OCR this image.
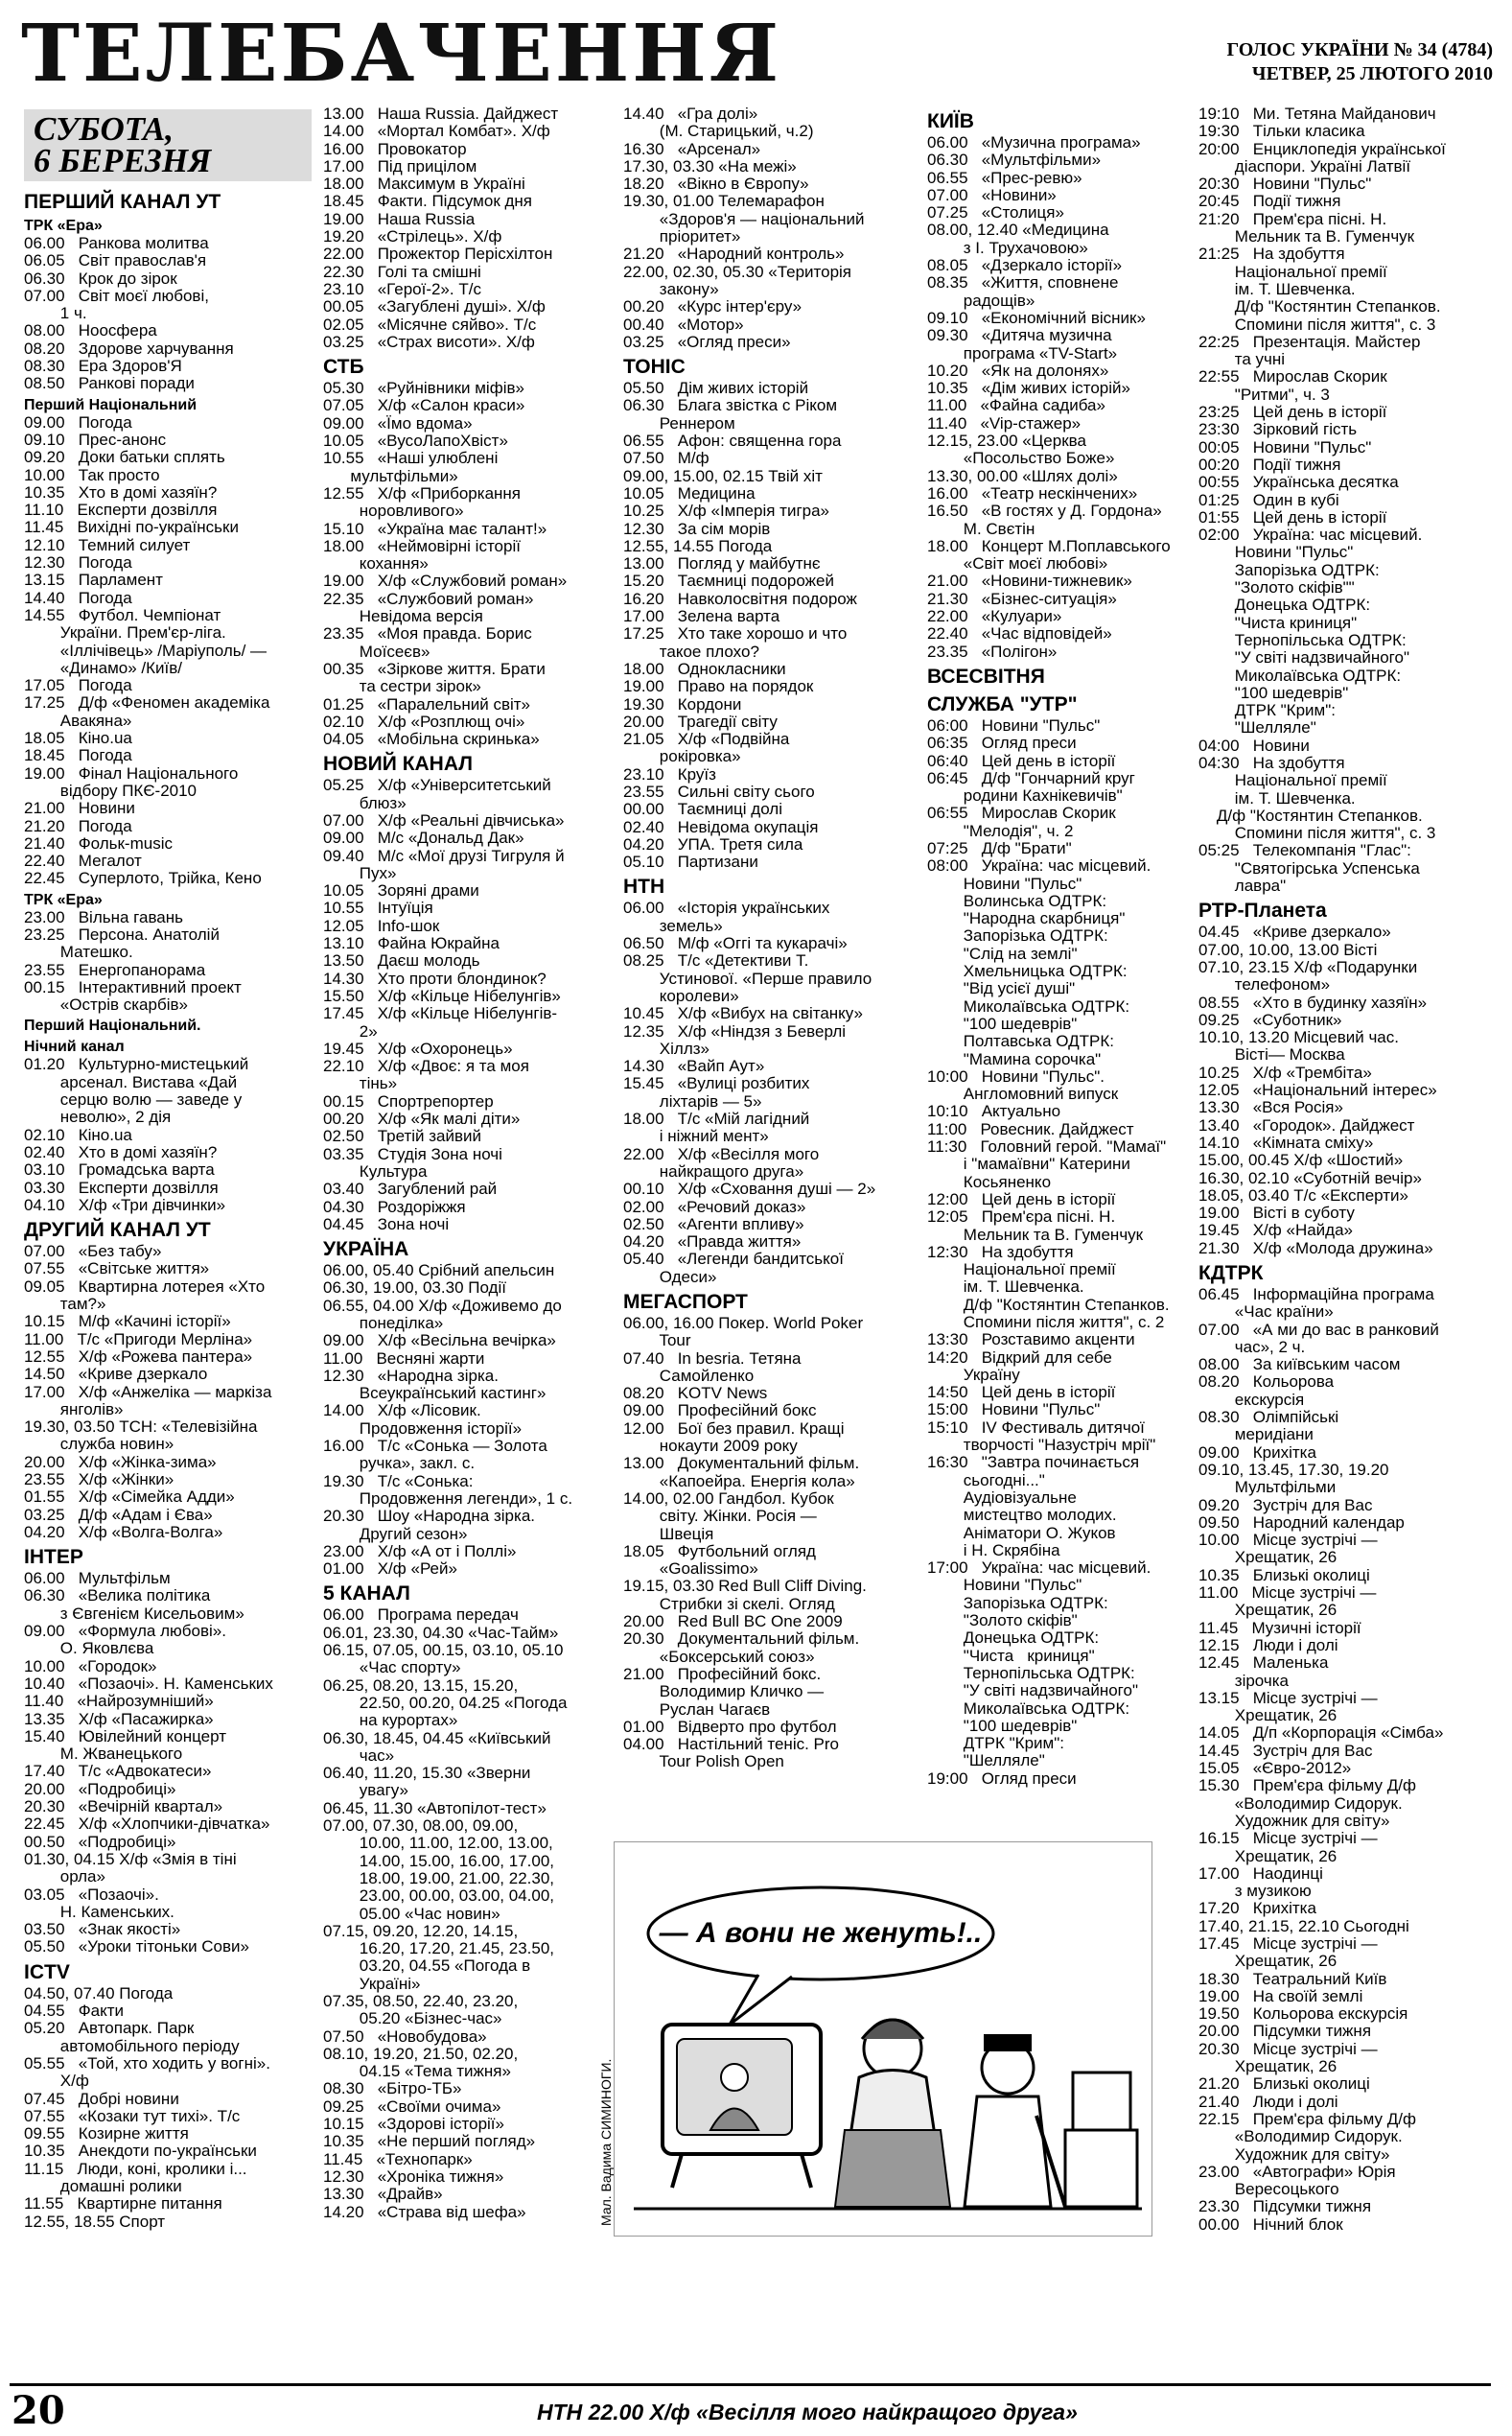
ТЕЛЕБАЧЕННЯ	ГОЛОС УКРАЇНИ № 34 (4784)
ЧЕТВЕР, 25 ЛЮТОГО 2010
СУБОТА,
6 БЕРЕЗНЯ
ПЕРШИЙ КАНАЛ УТ
ТРК «Ера»
06.00   Ранкова молитва
06.05   Світ православ'я
06.30   Крок до зірок
07.00   Світ моєї любові,
1 ч.
08.00   Ноосфера
08.20   Здорове харчування
08.30   Ера Здоров'Я
08.50   Ранкові поради
Перший Національний
09.00   Погода
09.10   Прес-анонс
09.20   Доки батьки сплять
10.00   Так просто
10.35   Хто в домі хазяїн?
11.10   Експерти дозвілля
11.45   Вихідні по-українськи
12.10   Темний силует
12.30   Погода
13.15   Парламент
14.40   Погода
14.55   Футбол. Чемпіонат
України. Прем'єр-ліга.
«Іллічівець» /Маріуполь/ —
«Динамо» /Київ/
17.05   Погода
17.25   Д/ф «Феномен академіка
Авакяна»
18.05   Кіно.ua
18.45   Погода
19.00   Фінал Національного
відбору ПКЄ-2010
21.00   Новини
21.20   Погода
21.40   Фольк-music
22.40   Мегалот
22.45   Суперлото, Трійка, Кено
ТРК «Ера»
23.00   Вільна гавань
23.25   Персона. Анатолій
Матешко.
23.55   Енергопанорама
00.15   Інтерактивний проект
«Острів скарбів»
Перший Національний.
Нічний канал
01.20   Культурно-мистецький
арсенал. Вистава «Дай
серцю волю — заведе у
неволю», 2 дія
02.10   Кіно.ua
02.40   Хто в домі хазяїн?
03.10   Громадська варта
03.30   Експерти дозвілля
04.10   Х/ф «Три дівчинки»
ДРУГИЙ КАНАЛ УТ
07.00   «Без табу»
07.55   «Світське життя»
09.05   Квартирна лотерея «Хто
там?»
10.15   М/ф «Качині історії»
11.00   Т/с «Пригоди Мерліна»
12.55   Х/ф «Рожева пантера»
14.50   «Криве дзеркало
17.00   Х/ф «Анжеліка — маркіза
янголів»
19.30, 03.50 ТСН: «Телевізійна
служба новин»
20.00   Х/ф «Жінка-зима»
23.55   Х/ф «Жінки»
01.55   Х/ф «Сімейка Адди»
03.25   Д/ф «Адам і Єва»
04.20   Х/ф «Волга-Волга»
ІНТЕР
06.00   Мультфільм
06.30   «Велика політика
з Євгенієм Кисельовим»
09.00   «Формула любові».
О. Яковлєва
10.00   «Городок»
10.40   «Позаочі». Н. Каменських
11.40   «Найрозумніший»
13.35   Х/ф «Пасажирка»
15.40   Ювілейний концерт
М. Жванецького
17.40   Т/с «Адвокатеси»
20.00   «Подробиці»
20.30   «Вечірній квартал»
22.45   Х/ф «Хлопчики-дівчатка»
00.50   «Подробиці»
01.30, 04.15 Х/ф «Змія в тіні
орла»
03.05   «Позаочі».
Н. Каменських.
03.50   «Знак якості»
05.50   «Уроки тітоньки Сови»
ICTV
04.50, 07.40 Погода
04.55   Факти
05.20   Автопарк. Парк
автомобільного періоду
05.55   «Той, хто ходить у вогні».
Х/ф
07.45   Добрі новини
07.55   «Козаки тут тихі». Т/с
09.55   Козирне життя
10.35   Анекдоти по-українськи
11.15   Люди, коні, кролики і...
домашні ролики
11.55   Квартирне питання
12.55, 18.55 Спорт
13.00   Наша Russia. Дайджест
14.00   «Мортал Комбат». Х/ф
16.00   Провокатор
17.00   Під прицілом
18.00   Максимум в Україні
18.45   Факти. Підсумок дня
19.00   Наша Russia
19.20   «Стрілець». Х/ф
22.00   Прожектор Перісхілтон
22.30   Голі та смішні
23.10   «Герої-2». Т/с
00.05   «Загублені душі». Х/ф
02.05   «Місячне сяйво». Т/с
03.25   «Страх висоти». Х/ф
СТБ
05.30   «Руйнівники міфів»
07.05   Х/ф «Салон краси»
09.00   «Їмо вдома»
10.05   «ВусоЛапоХвіст»
10.55   «Наші улюблені
мультфільми»
12.55   Х/ф «Приборкання
норовливого»
15.10   «Україна має талант!»
18.00   «Неймовірні історії
кохання»
19.00   Х/ф «Службовий роман»
22.35   «Службовий роман»
Невідома версія
23.35   «Моя правда. Борис
Моїсеєв»
00.35   «Зіркове життя. Брати
та сестри зірок»
01.25   «Паралельний світ»
02.10   Х/ф «Розплющ очі»
04.05   «Мобільна скринька»
НОВИЙ КАНАЛ
05.25   Х/ф «Університетський
блюз»
07.00   Х/ф «Реальні дівчиська»
09.00   М/с «Дональд Дак»
09.40   М/с «Мої друзі Тигруля й
Пух»
10.05   Зоряні драми
10.55   Інтуїція
12.05   Info-шок
13.10   Файна Юкрайна
13.50   Даєш молодь
14.30   Хто проти блондинок?
15.50   Х/ф «Кільце Нібелунгів»
17.45   Х/ф «Кільце Нібелунгів-
2»
19.45   Х/ф «Охоронець»
22.10   Х/ф «Двоє: я та моя
тінь»
00.15   Спортрепортер
00.20   Х/ф «Як малі діти»
02.50   Третій зайвий
03.35   Студія Зона ночі
Культура
03.40   Загублений рай
04.30   Роздоріжжя
04.45   Зона ночі
УКРАЇНА
06.00, 05.40 Срібний апельсин
06.30, 19.00, 03.30 Події
06.55, 04.00 Х/ф «Доживемо до
понеділка»
09.00   Х/ф «Весільна вечірка»
11.00   Весняні жарти
12.30   «Народна зірка.
Всеукраїнський кастинг»
14.00   Х/ф «Лісовик.
Продовження історії»
16.00   Т/с «Сонька — Золота
ручка», закл. с.
19.30   Т/с «Сонька:
Продовження легенди», 1 с.
20.30   Шоу «Народна зірка.
Другий сезон»
23.00   Х/ф «А от і Поллі»
01.00   Х/ф «Рей»
5 КАНАЛ
06.00   Програма передач
06.01, 23.30, 04.30 «Час-Тайм»
06.15, 07.05, 00.15, 03.10, 05.10
«Час спорту»
06.25, 08.20, 13.15, 15.20,
22.50, 00.20, 04.25 «Погода
на курортах»
06.30, 18.45, 04.45 «Київський
час»
06.40, 11.20, 15.30 «Зверни
увагу»
06.45, 11.30 «Автопілот-тест»
07.00, 07.30, 08.00, 09.00,
10.00, 11.00, 12.00, 13.00,
14.00, 15.00, 16.00, 17.00,
18.00, 19.00, 21.00, 22.30,
23.00, 00.00, 03.00, 04.00,
05.00 «Час новин»
07.15, 09.20, 12.20, 14.15,
16.20, 17.20, 21.45, 23.50,
03.20, 04.55 «Погода в
Україні»
07.35, 08.50, 22.40, 23.20,
05.20 «Бізнес-час»
07.50   «Новобудова»
08.10, 19.20, 21.50, 02.20,
04.15 «Тема тижня»
08.30   «Бітро-ТБ»
09.25   «Своїми очима»
10.15   «Здорові історії»
10.35   «Не перший погляд»
11.45   «Технопарк»
12.30   «Хроніка тижня»
13.30   «Драйв»
14.20   «Страва від шефа»
14.40   «Гра долі»
(М. Старицький, ч.2)
16.30   «Арсенал»
17.30, 03.30 «На межі»
18.20   «Вікно в Європу»
19.30, 01.00 Телемарафон
«Здоров'я — національний
пріоритет»
21.20   «Народний контроль»
22.00, 02.30, 05.30 «Територія
закону»
00.20   «Курс інтер'єру»
00.40   «Мотор»
03.25   «Огляд преси»
ТОНІС
05.50   Дім живих історій
06.30   Блага звістка с Ріком
Реннером
06.55   Афон: священна гора
07.50   М/ф
09.00, 15.00, 02.15 Твій хіт
10.05   Медицина
10.25   Х/ф «Імперія тигра»
12.30   За сім морів
12.55, 14.55 Погода
13.00   Погляд у майбутнє
15.20   Таємниці подорожей
16.20   Навколосвітня подорож
17.00   Зелена варта
17.25   Хто таке хорошо и что
такое плохо?
18.00   Однокласники
19.00   Право на порядок
19.30   Кордони
20.00   Трагедії світу
21.05   Х/ф «Подвійна
рокіровка»
23.10   Круїз
23.55   Сильні світу сього
00.00   Таємниці долі
02.40   Невідома окупація
04.20   УПА. Третя сила
05.10   Партизани
НТН
06.00   «Історія українських
земель»
06.50   М/ф «Оггі та кукарачі»
08.25   Т/с «Детективи Т.
Устинової. «Перше правило
королеви»
10.45   Х/ф «Вибух на світанку»
12.35   Х/ф «Ніндзя з Беверлі
Хіллз»
14.30   «Вайп Аут»
15.45   «Вулиці розбитих
ліхтарів — 5»
18.00   Т/с «Мій лагідний
і ніжний мент»
22.00   Х/ф «Весілля мого
найкращого друга»
00.10   Х/ф «Сховання душі — 2»
02.00   «Речовий доказ»
02.50   «Агенти впливу»
04.20   «Правда життя»
05.40   «Легенди бандитської
Одеси»
МЕГАСПОРТ
06.00, 16.00 Покер. World Poker
Tour
07.40   In besria. Тетяна
Самойленко
08.20   KOTV News
09.00   Професійний бокс
12.00   Бої без правил. Кращі
нокаути 2009 року
13.00   Документальний фільм.
«Капоейра. Енергія кола»
14.00, 02.00 Гандбол. Кубок
світу. Жінки. Росія —
Швеція
18.05   Футбольний огляд
«Goalissimo»
19.15, 03.30 Red Bull Cliff Diving.
Стрибки зі скелі. Огляд
20.00   Red Bull BC One 2009
20.30   Документальний фільм.
«Боксерський союз»
21.00   Професійний бокс.
Володимир Кличко —
Руслан Чагаєв
01.00   Відверто про футбол
04.00   Настільний теніс. Pro
Tour Polish Open
КИЇВ
06.00   «Музична програма»
06.30   «Мультфільми»
06.55   «Прес-ревю»
07.00   «Новини»
07.25   «Столиця»
08.00, 12.40 «Медицина
з І. Трухачовою»
08.05   «Дзеркало історії»
08.35   «Життя, сповнене
радощів»
09.10   «Економічний вісник»
09.30   «Дитяча музична
програма «TV-Start»
10.20   «Як на долонях»
10.35   «Дім живих історій»
11.00   «Файна садиба»
11.40   «Vip-стажер»
12.15, 23.00 «Церква
«Посольство Боже»
13.30, 00.00 «Шлях долі»
16.00   «Театр нескінчених»
16.50   «В гостях у Д. Гордона»
М. Свєтін
18.00   Концерт М.Поплавського
«Світ моєї любові»
21.00   «Новини-тижневик»
21.30   «Бізнес-ситуація»
22.00   «Кулуари»
22.40   «Час відповідей»
23.35   «Полігон»
ВСЕСВІТНЯ
СЛУЖБА "УТР"
06:00   Новини "Пульс"
06:35   Огляд преси
06:40   Цей день в історії
06:45   Д/ф "Гончарний круг
родини Кахнікевичів"
06:55   Мирослав Скорик
"Мелодія", ч. 2
07:25   Д/ф "Брати"
08:00   Україна: час місцевий.
Новини "Пульс"
Волинська ОДТРК:
"Народна скарбниця"
Запорізька ОДТРК:
"Слід на землі"
Хмельницька ОДТРК:
"Від усієї душі"
Миколаївська ОДТРК:
"100 шедеврів"
Полтавська ОДТРК:
"Мамина сорочка"
10:00   Новини "Пульс".
Англомовний випуск
10:10   Актуально
11:00   Ровесник. Дайджест
11:30   Головний герой. "Мамаї"
і "мамаївни" Катерини
Косьяненко
12:00   Цей день в історії
12:05   Прем'єра пісні. Н.
Мельник та В. Гуменчук
12:30   На здобуття
Національної премії
ім. Т. Шевченка.
Д/ф "Костянтин Степанков.
Спомини після життя", с. 2
13:30   Розставимо акценти
14:20   Відкрий для себе
Україну
14:50   Цей день в історії
15:00   Новини "Пульс"
15:10   IV Фестиваль дитячої
творчості "Назустріч мрії"
16:30   "Завтра починається
сьогодні..."
Аудіовізуальне
мистецтво молодих.
Аніматори О. Жуков
і Н. Скрябіна
17:00   Україна: час місцевий.
Новини "Пульс"
Запорізька ОДТРК:
"Золото скіфів"
Донецька ОДТРК:
"Чиста   криниця"
Тернопільська ОДТРК:
"У світі надзвичайного"
Миколаївська ОДТРК:
"100 шедеврів"
ДТРК "Крим":
"Шелляле"
19:00   Огляд преси
19:10   Ми. Тетяна Майданович
19:30   Тільки класика
20:00   Енциклопедія української
діаспори. Україні Латвії
20:30   Новини "Пульс"
20:45   Події тижня
21:20   Прем'єра пісні. Н.
Мельник та В. Гуменчук
21:25   На здобуття
Національної премії
ім. Т. Шевченка.
Д/ф "Костянтин Степанков.
Спомини після життя", с. 3
22:25   Презентація. Майстер
та учні
22:55   Мирослав Скорик
"Ритми", ч. 3
23:25   Цей день в історії
23:30   Зірковий гість
00:05   Новини "Пульс"
00:20   Події тижня
00:55   Українська десятка
01:25   Один в кубі
01:55   Цей день в історії
02:00   Україна: час місцевий.
Новини "Пульс"
Запорізька ОДТРК:
"Золото скіфів""
Донецька ОДТРК:
"Чиста криниця"
Тернопільська ОДТРК:
"У світі надзвичайного"
Миколаївська ОДТРК:
"100 шедеврів"
ДТРК "Крим":
"Шелляле"
04:00   Новини
04:30   На здобуття
Національної премії
ім. Т. Шевченка.
Д/ф "Костянтин Степанков.
Спомини після життя", с. 3
05:25   Телекомпанія "Глас":
"Святогірська Успенська
лавра"
РТР-Планета
04.45   «Криве дзеркало»
07.00, 10.00, 13.00 Вісті
07.10, 23.15 Х/ф «Подарунки
телефоном»
08.55   «Хто в будинку хазяїн»
09.25   «Суботник»
10.10, 13.20 Місцевий час.
Вісті— Москва
10.25   Х/ф «Трембіта»
12.05   «Національний інтерес»
13.30   «Вся Росія»
13.40   «Городок». Дайджест
14.10   «Кімната сміху»
15.00, 00.45 Х/ф «Шостий»
16.30, 02.10 «Суботній вечір»
18.05, 03.40 Т/с «Експерти»
19.00   Вісті в суботу
19.45   Х/ф «Найда»
21.30   Х/ф «Молода дружина»
КДТРК
06.45   Інформаційна програма
«Час країни»
07.00   «А ми до вас в ранковий
час», 2 ч.
08.00   За київським часом
08.20   Кольорова
екскурсія
08.30   Олімпійські
меридіани
09.00   Крихітка
09.10, 13.45, 17.30, 19.20
Мультфільми
09.20   Зустріч для Вас
09.50   Народний календар
10.00   Місце зустрічі —
Хрещатик, 26
10.35   Близькі околиці
11.00   Місце зустрічі —
Хрещатик, 26
11.45   Музичні історії
12.15   Люди і долі
12.45   Маленька
зірочка
13.15   Місце зустрічі —
Хрещатик, 26
14.05   Д/п «Корпорація «Сімба»
14.45   Зустріч для Вас
15.05   «Євро-2012»
15.30   Прем'єра фільму Д/ф
«Володимир Сидорук.
Художник для світу»
16.15   Місце зустрічі —
Хрещатик, 26
17.00   Наодинці
з музикою
17.20   Крихітка
17.40, 21.15, 22.10 Сьогодні
17.45   Місце зустрічі —
Хрещатик, 26
18.30   Театральний Київ
19.00   На своїй землі
19.50   Кольорова екскурсія
20.00   Підсумки тижня
20.30   Місце зустрічі —
Хрещатик, 26
21.20   Близькі околиці
21.40   Люди і долі
22.15   Прем'єра фільму Д/ф
«Володимир Сидорук.
Художник для світу»
23.00   «Автографи» Юрія
Вересоцького
23.30   Підсумки тижня
00.00   Нічний блок
— А вони не женуть!..
Мал. Вадима СИМИНОГИ.
20	НТН 22.00 Х/ф «Весілля мого найкращого друга»
